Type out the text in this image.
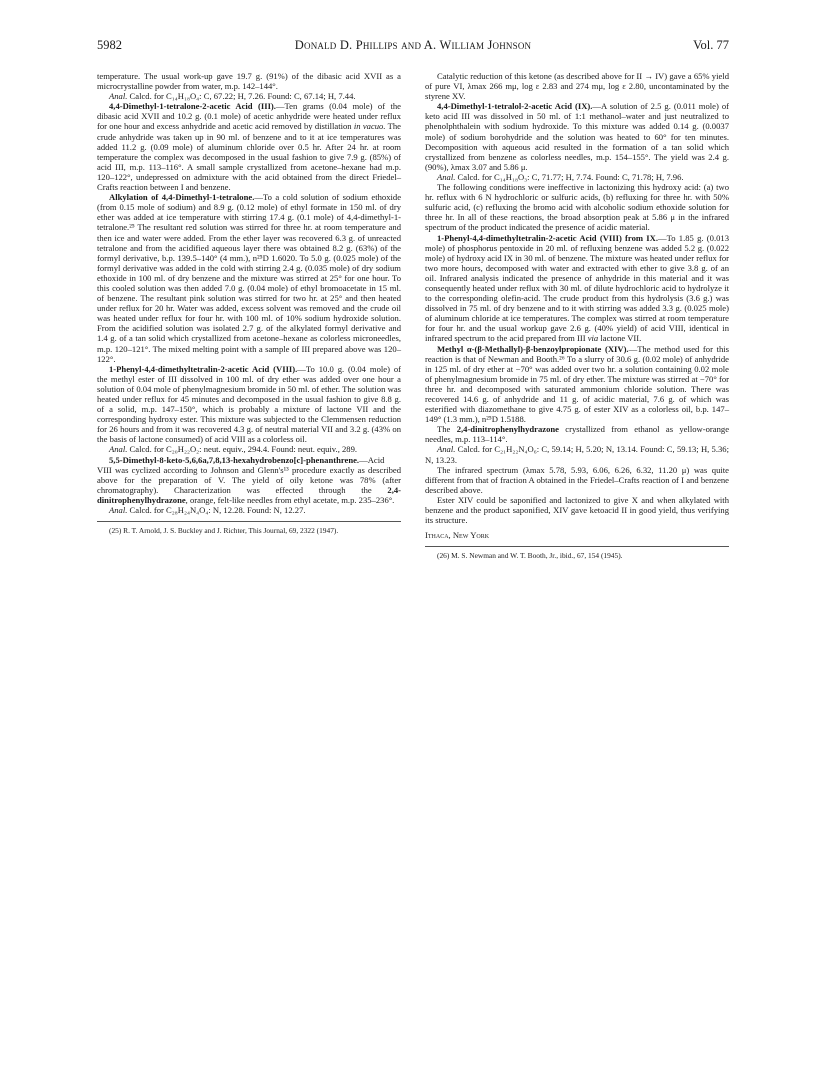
5982	Donald D. Phillips and A. William Johnson	Vol. 77

temperature. The usual work-up gave 19.7 g. (91%) of the dibasic acid XVII as a microcrystalline powder from water, m.p. 142–144°.

Anal. Calcd. for C₁₄H₁₈O₄: C, 67.22; H, 7.26. Found: C, 67.14; H, 7.44.

4,4-Dimethyl-1-tetralone-2-acetic Acid (III).—Ten grams (0.04 mole) of the dibasic acid XVII and 10.2 g. (0.1 mole) of acetic anhydride were heated under reflux for one hour and excess anhydride and acetic acid removed by distillation in vacuo. The crude anhydride was taken up in 90 ml. of benzene and to it at ice temperatures was added 11.2 g. (0.09 mole) of aluminum chloride over 0.5 hr. After 24 hr. at room temperature the complex was decomposed in the usual fashion to give 7.9 g. (85%) of acid III, m.p. 113–116°. A small sample crystallized from acetone–hexane had m.p. 120–122°, undepressed on admixture with the acid obtained from the direct Friedel–Crafts reaction between I and benzene.

Alkylation of 4,4-Dimethyl-1-tetralone.—To a cold solution of sodium ethoxide (from 0.15 mole of sodium) and 8.9 g. (0.12 mole) of ethyl formate in 150 ml. of dry ether was added at ice temperature with stirring 17.4 g. (0.1 mole) of 4,4-dimethyl-1-tetralone.²⁵ The resultant red solution was stirred for three hr. at room temperature and then ice and water were added. From the ether layer was recovered 6.3 g. of unreacted tetralone and from the acidified aqueous layer there was obtained 8.2 g. (63%) of the formyl derivative, b.p. 139.5–140° (4 mm.), n²⁵D 1.6020. To 5.0 g. (0.025 mole) of the formyl derivative was added in the cold with stirring 2.4 g. (0.035 mole) of dry sodium ethoxide in 100 ml. of dry benzene and the mixture was stirred at 25° for one hour. To this cooled solution was then added 7.0 g. (0.04 mole) of ethyl bromoacetate in 15 ml. of benzene. The resultant pink solution was stirred for two hr. at 25° and then heated under reflux for 20 hr. Water was added, excess solvent was removed and the crude oil was heated under reflux for four hr. with 100 ml. of 10% sodium hydroxide solution. From the acidified solution was isolated 2.7 g. of the alkylated formyl derivative and 1.4 g. of a tan solid which crystallized from acetone–hexane as colorless microneedles, m.p. 120–121°. The mixed melting point with a sample of III prepared above was 120–122°.

1-Phenyl-4,4-dimethyltetralin-2-acetic Acid (VIII).—To 10.0 g. (0.04 mole) of the methyl ester of III dissolved in 100 ml. of dry ether was added over one hour a solution of 0.04 mole of phenylmagnesium bromide in 50 ml. of ether. The solution was heated under reflux for 45 minutes and decomposed in the usual fashion to give 8.8 g. of a solid, m.p. 147–150°, which is probably a mixture of lactone VII and the corresponding hydroxy ester. This mixture was subjected to the Clemmensen reduction for 26 hours and from it was recovered 4.3 g. of neutral material VII and 3.2 g. (43% on the basis of lactone consumed) of acid VIII as a colorless oil.

Anal. Calcd. for C₂₀H₂₂O₂: neut. equiv., 294.4. Found: neut. equiv., 289.

5,5-Dimethyl-8-keto-5,6,6a,7,8,13-hexahydrobenzo[c]-phenanthrene.—Acid VIII was cyclized according to Johnson and Glenn's¹³ procedure exactly as described above for the preparation of V. The yield of oily ketone was 78% (after chromatography). Characterization was effected through the 2,4-dinitrophenylhydrazone, orange, felt-like needles from ethyl acetate, m.p. 235–236°.

Anal. Calcd. for C₂₈H₂₄N₄O₄: N, 12.28. Found: N, 12.27.

(25) R. T. Arnold, J. S. Buckley and J. Richter, This Journal, 69, 2322 (1947).

Catalytic reduction of this ketone (as described above for II → IV) gave a 65% yield of pure VI, λmax 266 mμ, log ε 2.83 and 274 mμ, log ε 2.80, uncontaminated by the styrene XV.

4,4-Dimethyl-1-tetralol-2-acetic Acid (IX).—A solution of 2.5 g. (0.011 mole) of keto acid III was dissolved in 50 ml. of 1:1 methanol–water and just neutralized to phenolphthalein with sodium hydroxide. To this mixture was added 0.14 g. (0.0037 mole) of sodium borohydride and the solution was heated to 60° for ten minutes. Decomposition with aqueous acid resulted in the formation of a tan solid which crystallized from benzene as colorless needles, m.p. 154–155°. The yield was 2.4 g. (90%), λmax 3.07 and 5.86 μ.

Anal. Calcd. for C₁₄H₁₈O₃: C, 71.77; H, 7.74. Found: C, 71.78; H, 7.96.

The following conditions were ineffective in lactonizing this hydroxy acid: (a) two hr. reflux with 6 N hydrochloric or sulfuric acids, (b) refluxing for three hr. with 50% sulfuric acid, (c) refluxing the bromo acid with alcoholic sodium ethoxide solution for three hr. In all of these reactions, the broad absorption peak at 5.86 μ in the infrared spectrum of the product indicated the presence of acidic material.

1-Phenyl-4,4-dimethyltetralin-2-acetic Acid (VIII) from IX.—To 1.85 g. (0.013 mole) of phosphorus pentoxide in 20 ml. of refluxing benzene was added 5.2 g. (0.022 mole) of hydroxy acid IX in 30 ml. of benzene. The mixture was heated under reflux for two more hours, decomposed with water and extracted with ether to give 3.8 g. of an oil. Infrared analysis indicated the presence of anhydride in this material and it was consequently heated under reflux with 30 ml. of dilute hydrochloric acid to hydrolyze it to the corresponding olefin-acid. The crude product from this hydrolysis (3.6 g.) was dissolved in 75 ml. of dry benzene and to it with stirring was added 3.3 g. (0.025 mole) of aluminum chloride at ice temperatures. The complex was stirred at room temperature for four hr. and the usual workup gave 2.6 g. (40% yield) of acid VIII, identical in infrared spectrum to the acid prepared from III via lactone VII.

Methyl α-(β-Methallyl)-β-benzoylpropionate (XIV).—The method used for this reaction is that of Newman and Booth.²⁶ To a slurry of 30.6 g. (0.02 mole) of anhydride in 125 ml. of dry ether at −70° was added over two hr. a solution containing 0.02 mole of phenylmagnesium bromide in 75 ml. of dry ether. The mixture was stirred at −70° for three hr. and decomposed with saturated ammonium chloride solution. There was recovered 14.6 g. of anhydride and 11 g. of acidic material, 7.6 g. of which was esterified with diazomethane to give 4.75 g. of ester XIV as a colorless oil, b.p. 147–149° (1.3 mm.), n²⁵D 1.5188.

The 2,4-dinitrophenylhydrazone crystallized from ethanol as yellow-orange needles, m.p. 113–114°.

Anal. Calcd. for C₂₁H₂₂N₄O₆: C, 59.14; H, 5.20; N, 13.14. Found: C, 59.13; H, 5.36; N, 13.23.

The infrared spectrum (λmax 5.78, 5.93, 6.06, 6.26, 6.32, 11.20 μ) was quite different from that of fraction A obtained in the Friedel–Crafts reaction of I and benzene described above.

Ester XIV could be saponified and lactonized to give X and when alkylated with benzene and the product saponified, XIV gave ketoacid II in good yield, thus verifying its structure.

Ithaca, New York

(26) M. S. Newman and W. T. Booth, Jr., ibid., 67, 154 (1945).
